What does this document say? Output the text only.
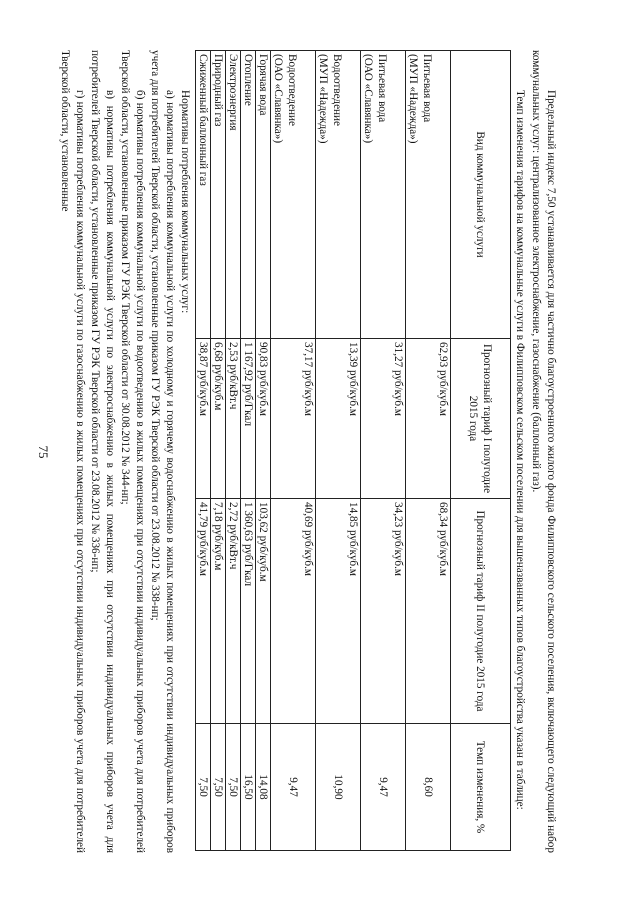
75	Предельный индекс 7,50 устанавливается для частично благоустроенного жилого фонда Филипповского сельского поселения, включающего следующий набор коммунальных услуг: централизованное электроснабжение, газоснабжение (баллонный газ).

Темп изменения тарифов на коммунальные услуги в Филипповском сельском поселении для вышеназванных типов благоустройства указан в таблице:

Вид коммунальной услуги	Прогнозный тариф I полугодие 2015 года	Прогнозный тариф II полугодие 2015 года	Темп изменения, %

Питьевая вода
(МУП «Надежда»)	62,93 руб/куб.м	68,34 руб/куб.м	8,60

Питьевая вода
(ОАО «Славянка»)	31,27 руб/куб.м	34,23 руб/куб.м	9,47

Водоотведение
(МУП «Надежда»)	13,39 руб/куб.м	14,85 руб/куб.м	10,90

Водоотведение
(ОАО «Славянка»)	37,17 руб/куб.м	40,69 руб/куб.м	9,47

Горячая вода	90,83 руб/куб.м	103,62 руб/куб.м	14,08

Отопление	1 167,92 руб/Гкал	1 360,63 руб/Гкал	16,50

Электроэнергия	2,53 руб/кВт.ч	2,72 руб/кВт.ч	7,50

Природный газ	6,68 руб/куб.м	7,18 руб/куб.м	7,50

Сжиженный баллонный газ	38,87 руб/куб.м	41,79 руб/куб.м	7,50

Нормативы потребления коммунальных услуг:

а) нормативы потребления коммунальной услуги по холодному и горячему водоснабжению в жилых помещениях при отсутствии индивидуальных приборов учета для потребителей Тверской области, установленные приказом ГУ РЭК Тверской области от 23.08.2012 № 338-нп;

б) нормативы потребления коммунальной услуги по водоотведению в жилых помещениях при отсутствии индивидуальных приборов учета для потребителей Тверской области, установленные приказом ГУ РЭК Тверской области от 30.08.2012 № 344-нп;

в) нормативы потребления коммунальной услуги по электроснабжению в жилых помещениях при отсутствии индивидуальных приборов учета для потребителей Тверской области, установленные приказом ГУ РЭК Тверской области от 23.08.2012 № 336-нп;

г) нормативы потребления коммунальной услуги по газоснабжению в жилых помещениях при отсутствии индивидуальных приборов учета для потребителей Тверской области, установленные
